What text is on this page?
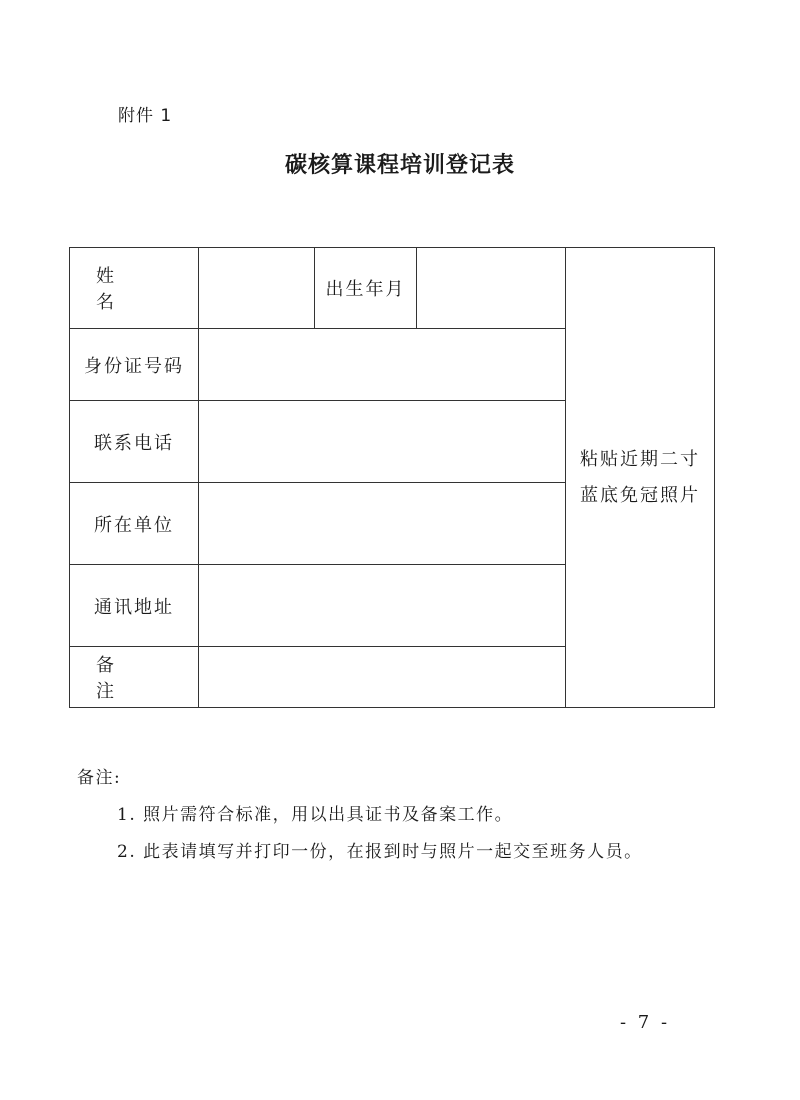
附件 1
碳核算课程培训登记表
姓　　名		出生年月		粘贴近期二寸
蓝底免冠照片

身份证号码				
联系电话				
所在单位				
通讯地址				
备　　注				
备注:
1. 照片需符合标准，用以出具证书及备案工作。
2. 此表请填写并打印一份，在报到时与照片一起交至班务人员。
- 7 -
